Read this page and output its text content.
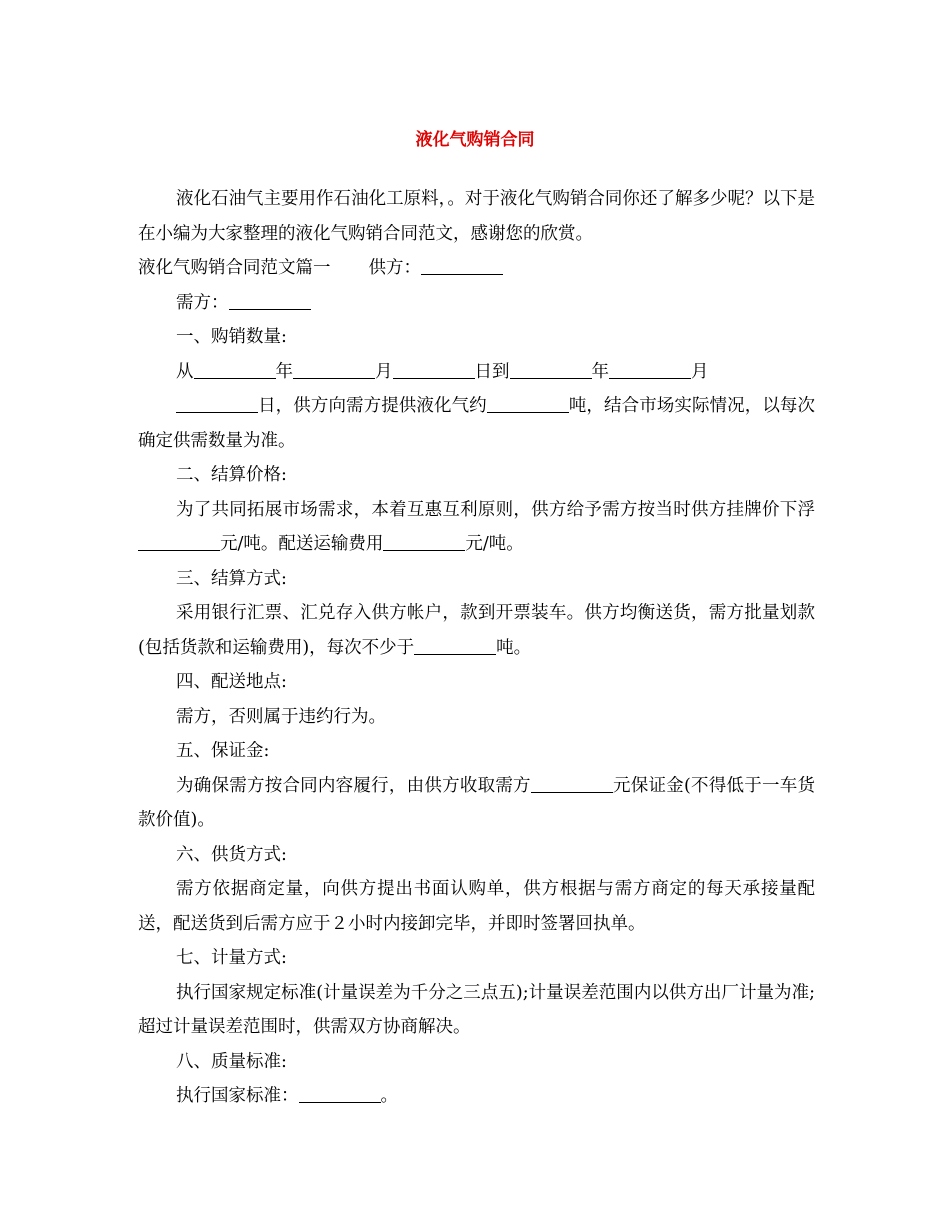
液化气购销合同

液化石油气主要用作石油化工原料，。对于液化气购销合同你还了解多少呢？以下是在小编为大家整理的液化气购销合同范文，感谢您的欣赏。

液化气购销合同范文篇一 供方：

需方：

一、购销数量:

从	年	月	日到	年	月

日，供方向需方提供液化气约	吨，结合市场实际情况，以每次确定供需数量为准。

二、结算价格:

为了共同拓展市场需求，本着互惠互利原则，供方给予需方按当时供方挂牌价下浮元/吨。配送运输费用	元/吨。

三、结算方式:

采用银行汇票、汇兑存入供方帐户，款到开票装车。供方均衡送货，需方批量划款(包括货款和运输费用)，每次不少于	吨。

四、配送地点:

需方，否则属于违约行为。

五、保证金:

为确保需方按合同内容履行，由供方收取需方	元保证金(不得低于一车货款价值)。

六、供货方式:

需方依据商定量，向供方提出书面认购单，供方根据与需方商定的每天承接量配送，配送货到后需方应于２小时内接卸完毕，并即时签署回执单。

七、计量方式:

执行国家规定标准(计量误差为千分之三点五);计量误差范围内以供方出厂计量为准;超过计量误差范围时，供需双方协商解决。

八、质量标准:

执行国家标准：	。
